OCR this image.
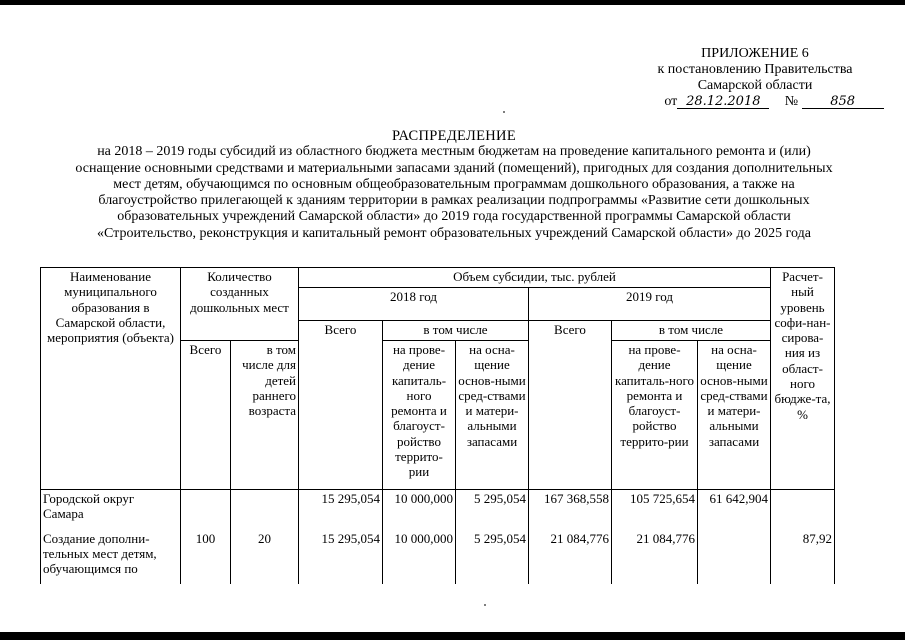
ПРИЛОЖЕНИЕ 6
к постановлению Правительства
Самарской области
от 28.12.2018 № 858
РАСПРЕДЕЛЕНИЕ
на 2018 – 2019 годы субсидий из областного бюджета местным бюджетам на проведение капитального ремонта и (или)
оснащение основными средствами и материальными запасами зданий (помещений), пригодных для создания дополнительных
мест детям, обучающимся по основным общеобразовательным программам дошкольного образования, а также на
благоустройство прилегающей к зданиям территории в рамках реализации подпрограммы «Развитие сети дошкольных
образовательных учреждений Самарской области» до 2019 года государственной программы Самарской области
«Строительство, реконструкция и капитальный ремонт образовательных учреждений Самарской области» до 2025 года
Наименование муниципального образования в Самарской области, мероприятия (объекта)	Количество созданных дошкольных мест		Объем субсидии, тыс. рублей						Расчет-ный уровень софи-нан-сирова-ния из област-ного бюдже-та, %
			2018 год			2019 год			
			Всего	в том числе		Всего	в том числе		
	Всего	в том числе для детей раннего возраста		на прове-дение капиталь-ного ремонта и благоуст-ройство террито-рии	на осна-щение основ-ными сред-ствами и матери-альными запасами		на прове-дение капиталь-ного ремонта и благоуст-ройство террито-рии	на осна-щение основ-ными сред-ствами и матери-альными запасами	
Городской округ Самара			15 295,054	10 000,000	5 295,054	167 368,558	105 725,654	61 642,904	
Создание дополни-тельных мест детям, обучающимся по	100	20	15 295,054	10 000,000	5 295,054	21 084,776	21 084,776		87,92
